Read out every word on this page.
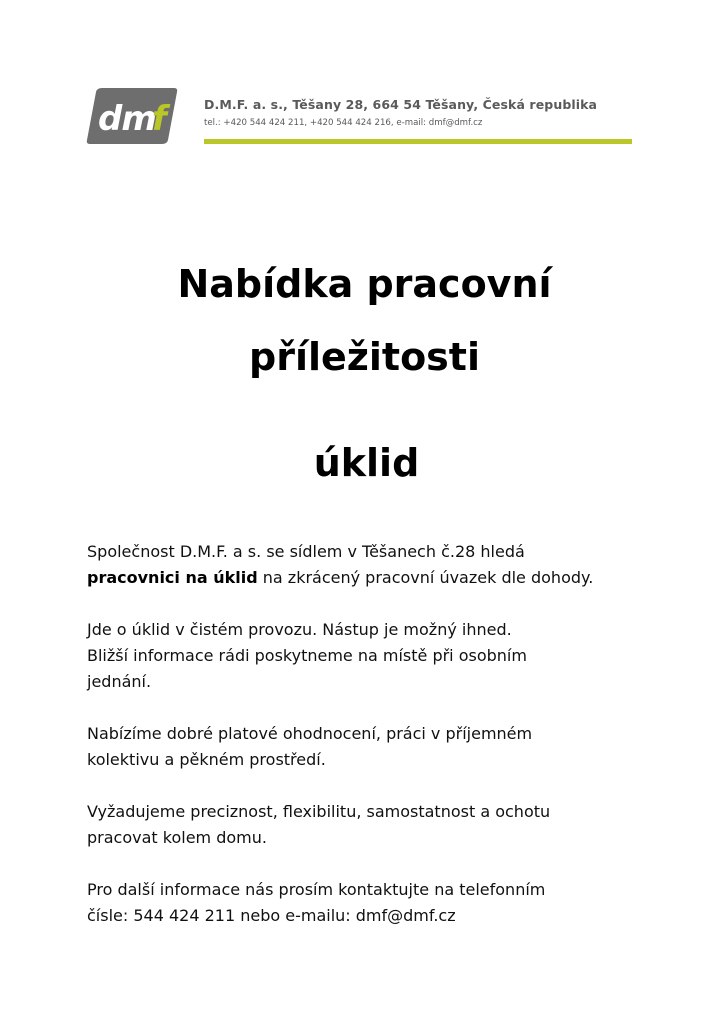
dm
f	D.M.F. a. s., Těšany 28, 664 54 Těšany, Česká republika
tel.: +420 544 424 211, +420 544 424 216, e-mail: dmf@dmf.cz
Nabídka pracovní
příležitosti
úklid

Společnost D.M.F. a s. se sídlem v Těšanech č.28 hledá
pracovnici na úklid na zkrácený pracovní úvazek dle dohody.

Jde o úklid v čistém provozu. Nástup je možný ihned.
Bližší informace rádi poskytneme na místě při osobním
jednání.

Nabízíme dobré platové ohodnocení, práci v příjemném
kolektivu a pěkném prostředí.

Vyžadujeme preciznost, flexibilitu, samostatnost a ochotu
pracovat kolem domu.

Pro další informace nás prosím kontaktujte na telefonním
čísle: 544 424 211 nebo e-mailu: dmf@dmf.cz
